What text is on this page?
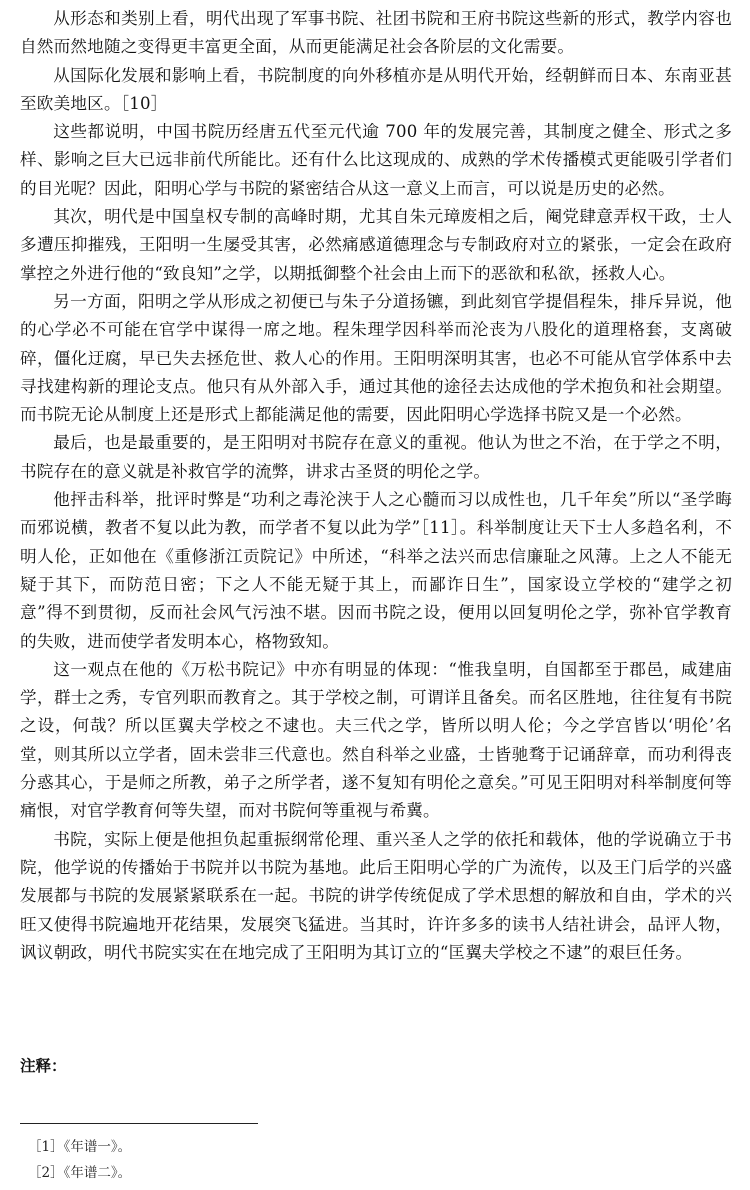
从形态和类别上看，明代出现了军事书院、社团书院和王府书院这些新的形式，教学内容也自然而然地随之变得更丰富更全面，从而更能满足社会各阶层的文化需要。

从国际化发展和影响上看，书院制度的向外移植亦是从明代开始，经朝鲜而日本、东南亚甚至欧美地区。［10］

这些都说明，中国书院历经唐五代至元代逾 700 年的发展完善，其制度之健全、形式之多样、影响之巨大已远非前代所能比。还有什么比这现成的、成熟的学术传播模式更能吸引学者们的目光呢？因此，阳明心学与书院的紧密结合从这一意义上而言，可以说是历史的必然。

其次，明代是中国皇权专制的高峰时期，尤其自朱元璋废相之后，阉党肆意弄权干政，士人多遭压抑摧残，王阳明一生屡受其害，必然痛感道德理念与专制政府对立的紧张，一定会在政府掌控之外进行他的“致良知”之学，以期抵御整个社会由上而下的恶欲和私欲，拯救人心。

另一方面，阳明之学从形成之初便已与朱子分道扬镳，到此刻官学提倡程朱，排斥异说，他的心学必不可能在官学中谋得一席之地。程朱理学因科举而沦丧为八股化的道理格套，支离破碎，僵化迂腐，早已失去拯危世、救人心的作用。王阳明深明其害，也必不可能从官学体系中去寻找建构新的理论支点。他只有从外部入手，通过其他的途径去达成他的学术抱负和社会期望。而书院无论从制度上还是形式上都能满足他的需要，因此阳明心学选择书院又是一个必然。

最后，也是最重要的，是王阳明对书院存在意义的重视。他认为世之不治，在于学之不明，书院存在的意义就是补救官学的流弊，讲求古圣贤的明伦之学。

他抨击科举，批评时弊是“功利之毒沦浃于人之心髓而习以成性也，几千年矣”所以“圣学晦而邪说横，教者不复以此为教，而学者不复以此为学”［11］。科举制度让天下士人多趋名利，不明人伦，正如他在《重修浙江贡院记》中所述，“科举之法兴而忠信廉耻之风薄。上之人不能无疑于其下，而防范日密；下之人不能无疑于其上，而鄙诈日生”，国家设立学校的“建学之初意”得不到贯彻，反而社会风气污浊不堪。因而书院之设，便用以回复明伦之学，弥补官学教育的失败，进而使学者发明本心，格物致知。

这一观点在他的《万松书院记》中亦有明显的体现：“惟我皇明，自国都至于郡邑，咸建庙学，群士之秀，专官列职而教育之。其于学校之制，可谓详且备矣。而名区胜地，往往复有书院之设，何哉？所以匡翼夫学校之不逮也。夫三代之学，皆所以明人伦；今之学宫皆以‘明伦’名堂，则其所以立学者，固未尝非三代意也。然自科举之业盛，士皆驰骛于记诵辞章，而功利得丧分惑其心，于是师之所教，弟子之所学者，遂不复知有明伦之意矣。”可见王阳明对科举制度何等痛恨，对官学教育何等失望，而对书院何等重视与希冀。

书院，实际上便是他担负起重振纲常伦理、重兴圣人之学的依托和载体，他的学说确立于书院，他学说的传播始于书院并以书院为基地。此后王阳明心学的广为流传，以及王门后学的兴盛发展都与书院的发展紧紧联系在一起。书院的讲学传统促成了学术思想的解放和自由，学术的兴旺又使得书院遍地开花结果，发展突飞猛进。当其时，许许多多的读书人结社讲会，品评人物，讽议朝政，明代书院实实在在地完成了王阳明为其订立的“匡翼夫学校之不逮”的艰巨任务。

注释：

［1］《年谱一》。
［2］《年谱二》。
